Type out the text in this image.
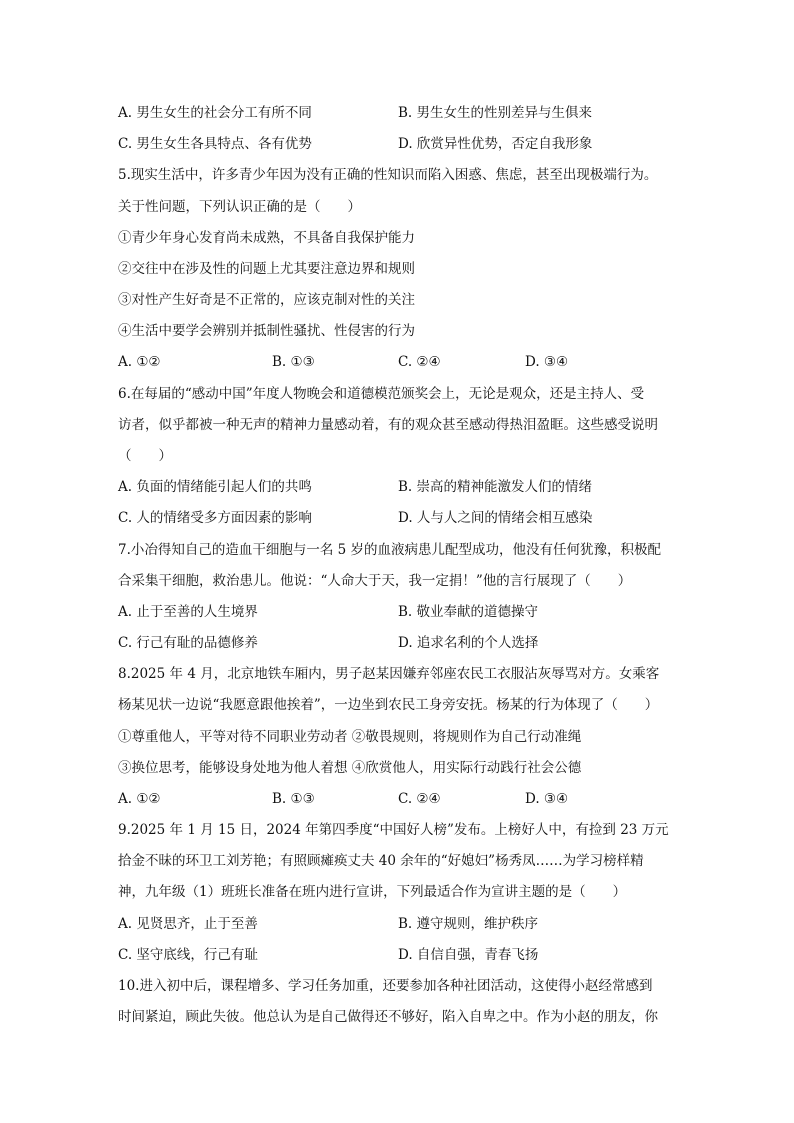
A. 男生女生的社会分工有所不同	B. 男生女生的性别差异与生俱来
C. 男生女生各具特点、各有优势	D. 欣赏异性优势，否定自我形象
5.现实生活中，许多青少年因为没有正确的性知识而陷入困惑、焦虑，甚至出现极端行为。
关于性问题，下列认识正确的是（　　）
①青少年身心发育尚未成熟，不具备自我保护能力
②交往中在涉及性的问题上尤其要注意边界和规则
③对性产生好奇是不正常的，应该克制对性的关注
④生活中要学会辨别并抵制性骚扰、性侵害的行为
A. ①②	B. ①③	C. ②④	D. ③④
6.在每届的“感动中国”年度人物晚会和道德模范颁奖会上，无论是观众，还是主持人、受
访者，似乎都被一种无声的精神力量感动着，有的观众甚至感动得热泪盈眶。这些感受说明
（　　）
A. 负面的情绪能引起人们的共鸣	B. 崇高的精神能激发人们的情绪
C. 人的情绪受多方面因素的影响	D. 人与人之间的情绪会相互感染
7.小冶得知自己的造血干细胞与一名 5 岁的血液病患儿配型成功，他没有任何犹豫，积极配
合采集干细胞，救治患儿。他说：“人命大于天，我一定捐！”他的言行展现了（　　）
A. 止于至善的人生境界	B. 敬业奉献的道德操守
C. 行己有耻的品德修养	D. 追求名利的个人选择
8.2025 年 4 月，北京地铁车厢内，男子赵某因嫌弃邻座农民工衣服沾灰辱骂对方。女乘客
杨某见状一边说“我愿意跟他挨着”，一边坐到农民工身旁安抚。杨某的行为体现了（　　）
①尊重他人，平等对待不同职业劳动者 ②敬畏规则，将规则作为自己行动准绳
③换位思考，能够设身处地为他人着想 ④欣赏他人，用实际行动践行社会公德
A. ①②	B. ①③	C. ②④	D. ③④
9.2025 年 1 月 15 日，2024 年第四季度“中国好人榜”发布。上榜好人中，有捡到 23 万元
拾金不昧的环卫工刘芳艳；有照顾瘫痪丈夫 40 余年的“好媳妇”杨秀凤……为学习榜样精
神，九年级（1）班班长准备在班内进行宣讲，下列最适合作为宣讲主题的是（　　）
A. 见贤思齐，止于至善	B. 遵守规则，维护秩序
C. 坚守底线，行己有耻	D. 自信自强，青春飞扬
10.进入初中后，课程增多、学习任务加重，还要参加各种社团活动，这使得小赵经常感到
时间紧迫，顾此失彼。他总认为是自己做得还不够好，陷入自卑之中。作为小赵的朋友，你
